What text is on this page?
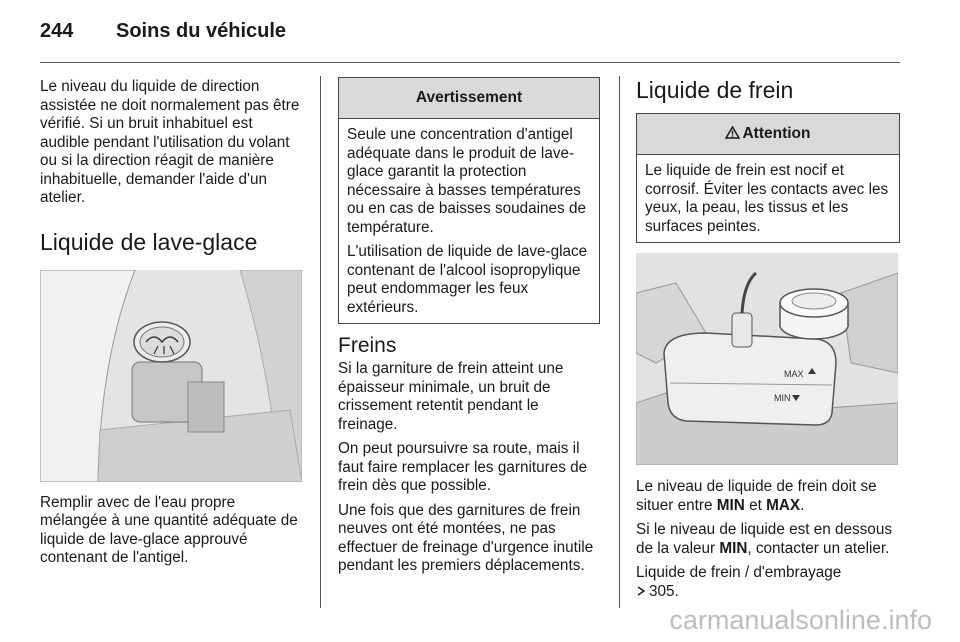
244 Soins du véhicule

Le niveau du liquide de direction assistée ne doit normalement pas être vérifié. Si un bruit inhabituel est audible pendant l'utilisation du volant ou si la direction réagit de manière inhabituelle, demander l'aide d'un atelier.

Liquide de lave-glace

Remplir avec de l'eau propre mélangée à une quantité adéquate de liquide de lave-glace approuvé contenant de l'antigel.

Avertissement

Seule une concentration d'antigel adéquate dans le produit de lave-glace garantit la protection nécessaire à basses températures ou en cas de baisses soudaines de température.

L'utilisation de liquide de lave-glace contenant de l'alcool isopropylique peut endommager les feux extérieurs.

Freins

Si la garniture de frein atteint une épaisseur minimale, un bruit de crissement retentit pendant le freinage.

On peut poursuivre sa route, mais il faut faire remplacer les garnitures de frein dès que possible.

Une fois que des garnitures de frein neuves ont été montées, ne pas effectuer de freinage d'urgence inutile pendant les premiers déplacements.

Liquide de frein
Attention

Le liquide de frein est nocif et corrosif. Éviter les contacts avec les yeux, la peau, les tissus et les surfaces peintes.

MAX
MIN

Le niveau de liquide de frein doit se situer entre MIN et MAX.

Si le niveau de liquide est en dessous de la valeur MIN, contacter un atelier.

Liquide de frein / d'embrayage
305.

carmanualsonline.info
